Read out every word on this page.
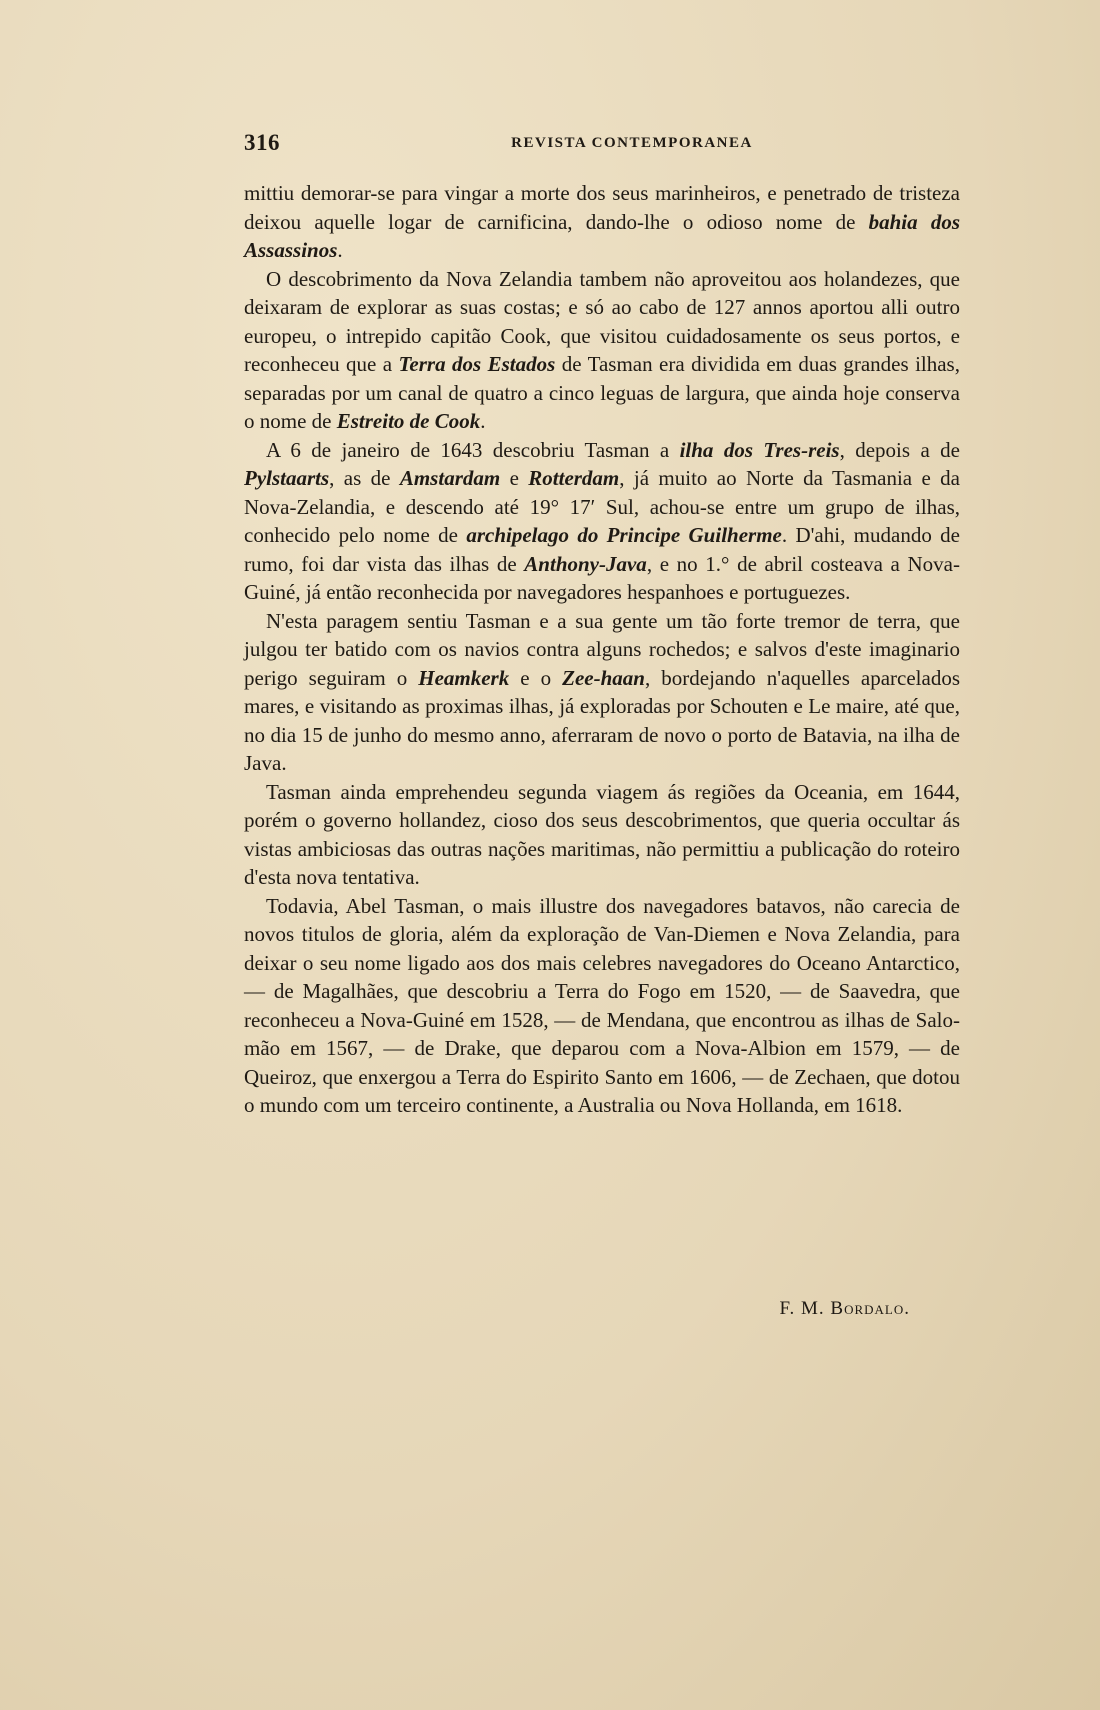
316	REVISTA CONTEMPORANEA

mittiu demorar-se para vingar a morte dos seus marinheiros, e penetrado de tristeza deixou aquelle logar de carnificina, dando-lhe o odioso nome de bahia dos Assassinos.

O descobrimento da Nova Zelandia tambem não aproveitou aos holandezes, que deixaram de explorar as suas costas; e só ao cabo de 127 annos aportou alli outro europeu, o intrepido capitão Cook, que visitou cuidadosamente os seus portos, e reconheceu que a Terra dos Estados de Tasman era dividida em duas grandes ilhas, separadas por um canal de quatro a cinco leguas de largura, que ainda hoje conserva o nome de Estreito de Cook.

A 6 de janeiro de 1643 descobriu Tasman a ilha dos Tres-reis, depois a de Pylstaarts, as de Amstardam e Rotterdam, já muito ao Norte da Tasmania e da Nova-Zelandia, e descendo até 19° 17′ Sul, achou-se entre um grupo de ilhas, conhecido pelo nome de archipelago do Principe Guilherme. D'ahi, mudando de rumo, foi dar vista das ilhas de Anthony-Java, e no 1.° de abril costeava a Nova-Guiné, já então reconhecida por navegadores hespanhoes e portuguezes.

N'esta paragem sentiu Tasman e a sua gente um tão forte tremor de terra, que julgou ter batido com os navios contra alguns rochedos; e salvos d'este imaginario perigo seguiram o Heamkerk e o Zee-haan, bordejando n'aquelles aparcelados mares, e visitando as proximas ilhas, já exploradas por Schouten e Le maire, até que, no dia 15 de junho do mesmo anno, aferraram de novo o porto de Batavia, na ilha de Java.

Tasman ainda emprehendeu segunda viagem ás regiões da Oceania, em 1644, porém o governo hollandez, cioso dos seus descobrimentos, que queria occultar ás vistas ambiciosas das outras nações maritimas, não permittiu a publicação do roteiro d'esta nova tentativa.

Todavia, Abel Tasman, o mais illustre dos navegadores batavos, não carecia de novos titulos de gloria, além da exploração de Van-Diemen e Nova Zelandia, para deixar o seu nome ligado aos dos mais celebres navegadores do Oceano Antarctico, — de Magalhães, que descobriu a Terra do Fogo em 1520, — de Saavedra, que reconheceu a Nova-Guiné em 1528, — de Mendana, que encontrou as ilhas de Salomão em 1567, — de Drake, que deparou com a Nova-Albion em 1579, — de Queiroz, que enxergou a Terra do Espirito Santo em 1606, — de Zechaen, que dotou o mundo com um terceiro continente, a Australia ou Nova Hollanda, em 1618.

F. M. Bordalo.
